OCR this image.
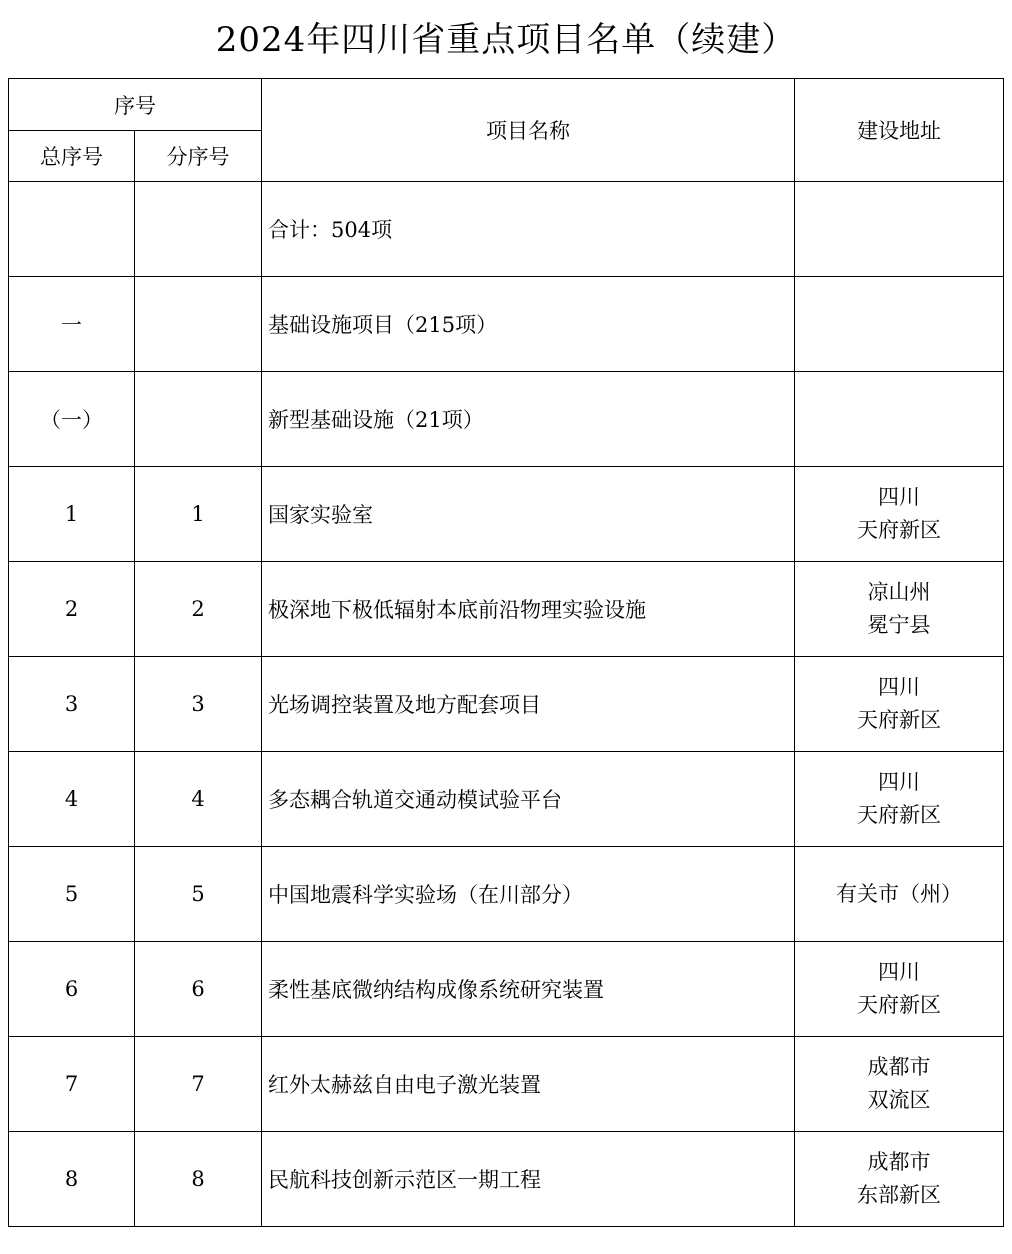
2024年四川省重点项目名单（续建）
序号		项目名称	建设地址
总序号	分序号		
		合计：504项	

一		基础设施项目（215项）	

（一）		新型基础设施（21项）	

1	1	国家实验室	四川
天府新区

2	2	极深地下极低辐射本底前沿物理实验设施	凉山州
冕宁县

3	3	光场调控装置及地方配套项目	四川
天府新区

4	4	多态耦合轨道交通动模试验平台	四川
天府新区

5	5	中国地震科学实验场（在川部分）	有关市（州）

6	6	柔性基底微纳结构成像系统研究装置	四川
天府新区

7	7	红外太赫兹自由电子激光装置	成都市
双流区

8	8	民航科技创新示范区一期工程	成都市
东部新区
